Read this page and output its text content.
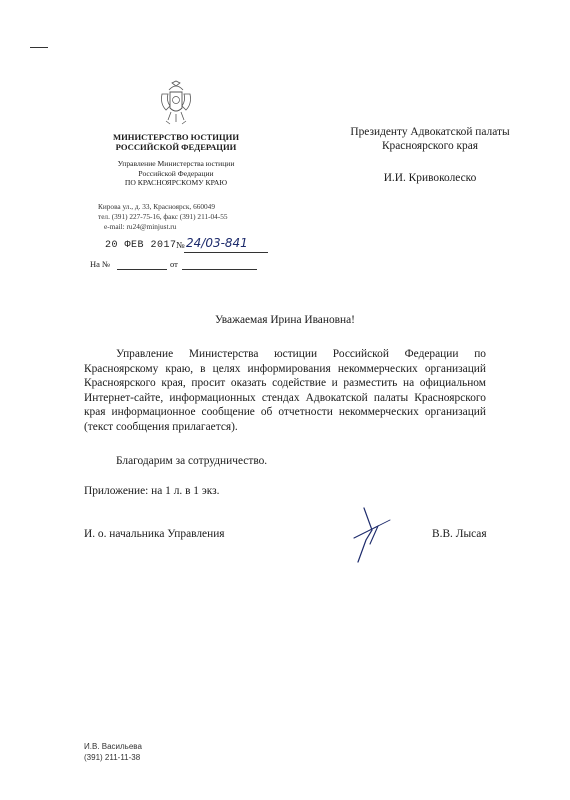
МИНИСТЕРСТВО ЮСТИЦИИ
РОССИЙСКОЙ ФЕДЕРАЦИИ
Управление Министерства юстиции
Российской Федерации
ПО КРАСНОЯРСКОМУ КРАЮ
Кирова ул., д. 33, Красноярск, 660049
тел. (391) 227-75-16, факс (391) 211-04-55
e-mail: ru24@minjust.ru
20 ФЕВ 2017 № 24/03-841
На №	от
Президенту Адвокатской палаты
Красноярского края
И.И. Кривоколеско
Уважаемая Ирина Ивановна!
Управление Министерства юстиции Российской Федерации по Красноярскому краю, в целях информирования некоммерческих организаций Красноярского края, просит оказать содействие и разместить на официальном Интернет-сайте, информационных стендах Адвокатской палаты Красноярского края информационное сообщение об отчетности некоммерческих организаций (текст сообщения прилагается).
Благодарим за сотрудничество.
Приложение: на 1 л. в 1 экз.
И. о. начальника Управления	В.В. Лысая
И.В. Васильева
(391) 211-11-38
